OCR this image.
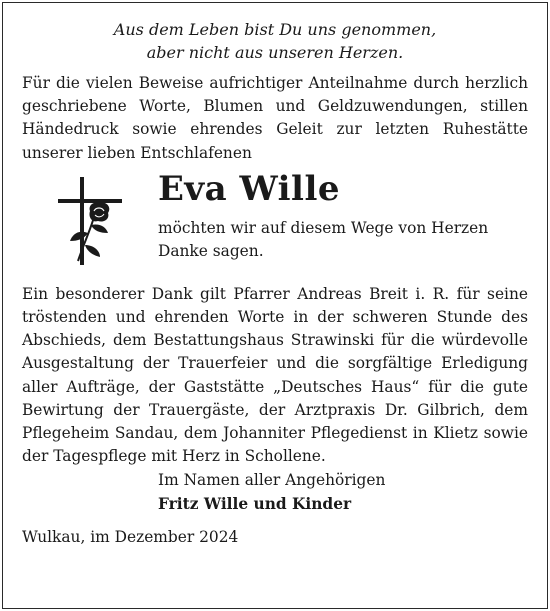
Aus dem Leben bist Du uns genommen,
aber nicht aus unseren Herzen.

Für die vielen Beweise aufrichtiger Anteilnahme durch herzlich geschriebene Worte, Blumen und Geldzuwendungen, stillen Händedruck sowie ehrendes Geleit zur letzten Ruhestätte unserer lieben Entschlafenen

Eva Wille

möchten wir auf diesem Wege von Herzen
Danke sagen.

Ein besonderer Dank gilt Pfarrer Andreas Breit i. R. für seine tröstenden und ehrenden Worte in der schweren Stunde des Abschieds, dem Bestattungshaus Strawinski für die würdevolle Ausgestaltung der Trauerfeier und die sorgfältige Erledigung aller Aufträge, der Gaststätte „Deutsches Haus“ für die gute Bewirtung der Trauergäste, der Arztpraxis Dr. Gilbrich, dem Pflegeheim Sandau, dem Johanniter Pflegedienst in Klietz sowie der Tagespflege mit Herz in Schollene.

Im Namen aller Angehörigen
Fritz Wille und Kinder
Wulkau, im Dezember 2024
